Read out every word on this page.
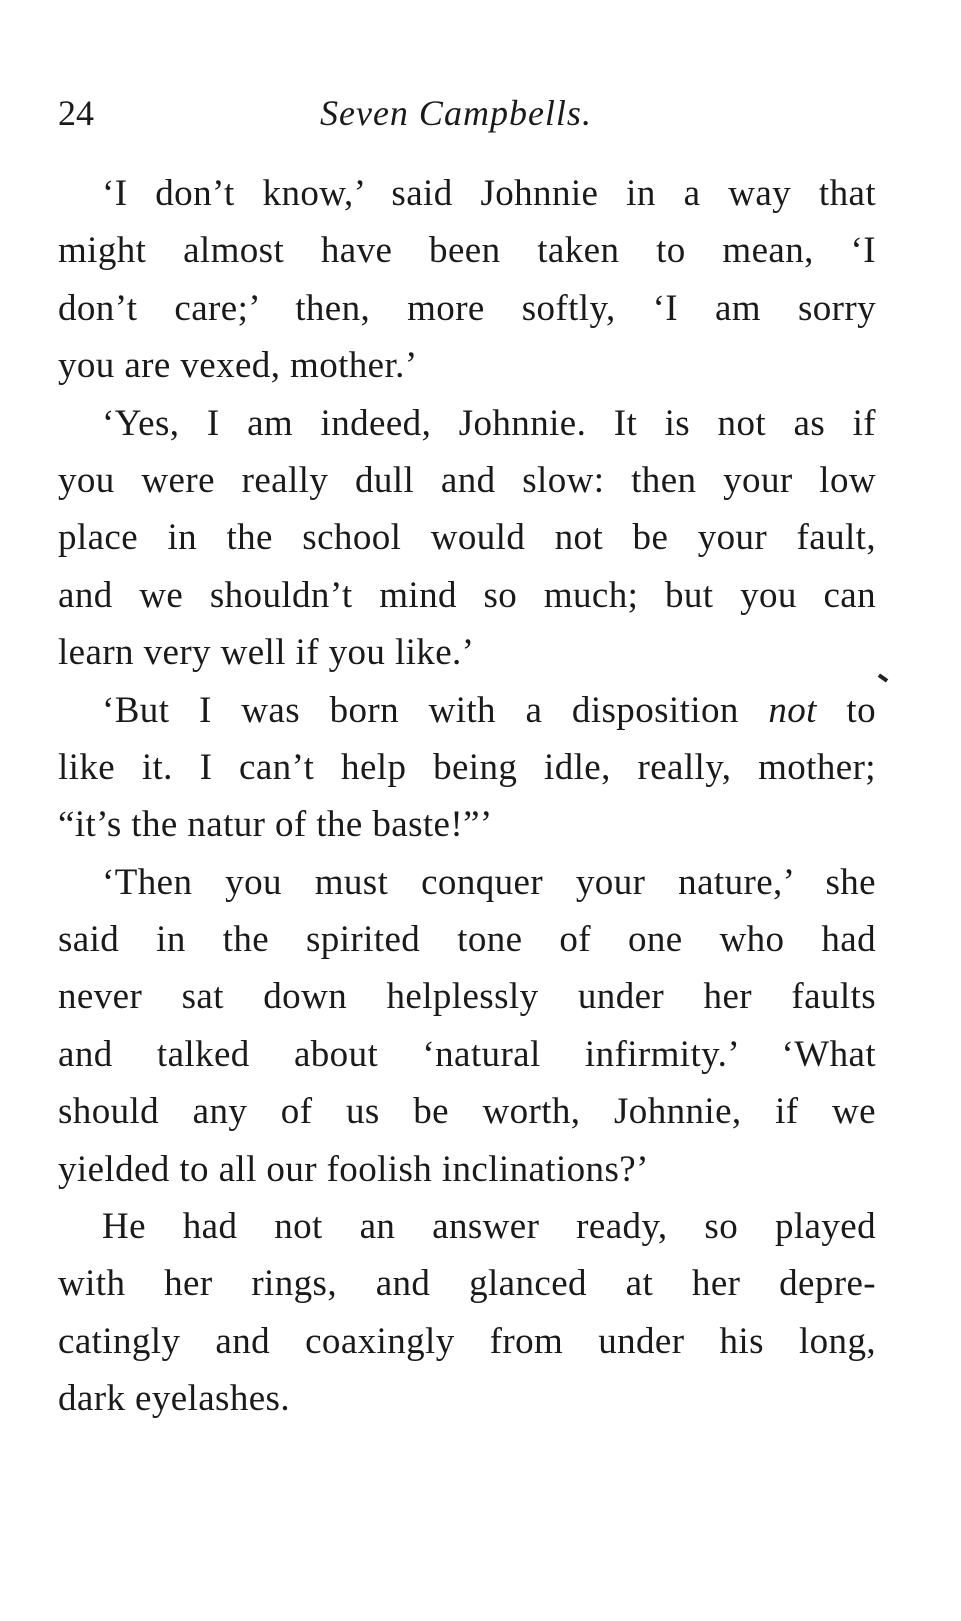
24	Seven Campbells.
‘I don’t know,’ said Johnnie in a way that
might almost have been taken to mean, ‘I
don’t care;’ then, more softly, ‘I am sorry
you are vexed, mother.’
‘Yes, I am indeed, Johnnie. It is not as if
you were really dull and slow: then your low
place in the school would not be your fault,
and we shouldn’t mind so much; but you can
learn very well if you like.’
‘But I was born with a disposition not to
like it. I can’t help being idle, really, mother;
“it’s the natur of the baste!”’
‘Then you must conquer your nature,’ she
said in the spirited tone of one who had
never sat down helplessly under her faults
and talked about ‘natural infirmity.’ ‘What
should any of us be worth, Johnnie, if we
yielded to all our foolish inclinations?’
He had not an answer ready, so played
with her rings, and glanced at her depre-
catingly and coaxingly from under his long,
dark eyelashes.
